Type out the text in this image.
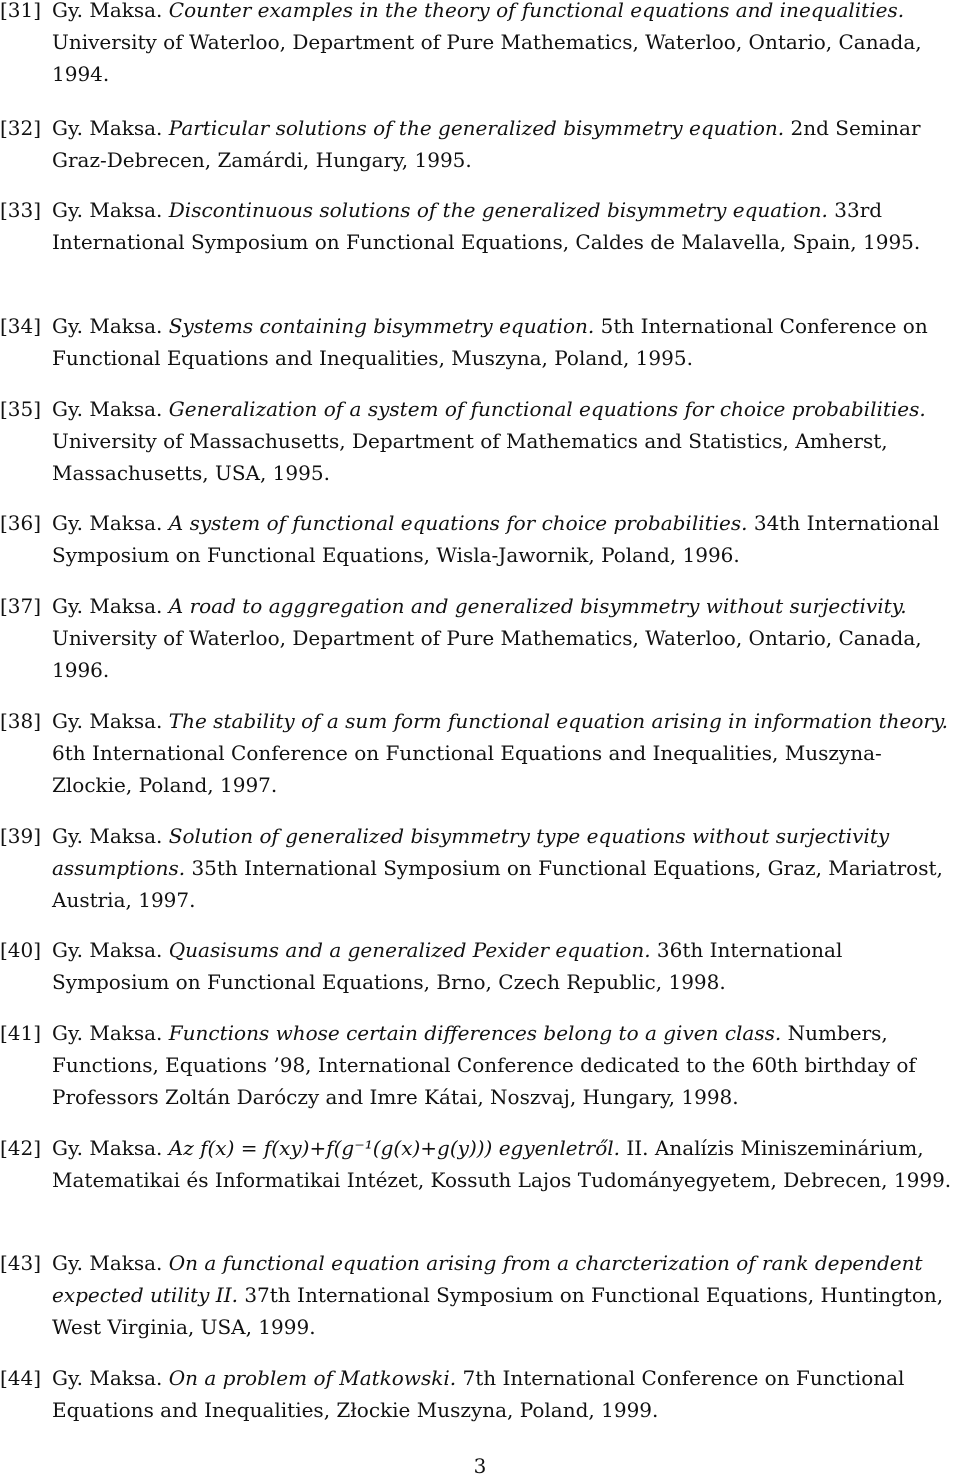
[31] Gy. Maksa. Counter examples in the theory of functional equations and inequalities. University of Waterloo, Department of Pure Mathematics, Waterloo, Ontario, Canada, 1994.
[32] Gy. Maksa. Particular solutions of the generalized bisymmetry equation. 2nd Seminar Graz-Debrecen, Zamárdi, Hungary, 1995.
[33] Gy. Maksa. Discontinuous solutions of the generalized bisymmetry equation. 33rd International Symposium on Functional Equations, Caldes de Malavella, Spain, 1995.
[34] Gy. Maksa. Systems containing bisymmetry equation. 5th International Conference on Functional Equations and Inequalities, Muszyna, Poland, 1995.
[35] Gy. Maksa. Generalization of a system of functional equations for choice probabilities. University of Massachusetts, Department of Mathematics and Statistics, Amherst, Massachusetts, USA, 1995.
[36] Gy. Maksa. A system of functional equations for choice probabilities. 34th International Symposium on Functional Equations, Wisla-Jawornik, Poland, 1996.
[37] Gy. Maksa. A road to agggregation and generalized bisymmetry without surjectivity. University of Waterloo, Department of Pure Mathematics, Waterloo, Ontario, Canada, 1996.
[38] Gy. Maksa. The stability of a sum form functional equation arising in information theory. 6th International Conference on Functional Equations and Inequalities, Muszyna-Zlockie, Poland, 1997.
[39] Gy. Maksa. Solution of generalized bisymmetry type equations without surjectivity assumptions. 35th International Symposium on Functional Equations, Graz, Mariatrost, Austria, 1997.
[40] Gy. Maksa. Quasisums and a generalized Pexider equation. 36th International Symposium on Functional Equations, Brno, Czech Republic, 1998.
[41] Gy. Maksa. Functions whose certain differences belong to a given class. Numbers, Functions, Equations ’98, International Conference dedicated to the 60th birthday of Professors Zoltán Daróczy and Imre Kátai, Noszvaj, Hungary, 1998.
[42] Gy. Maksa. Az f(x) = f(xy)+f(g⁻¹(g(x)+g(y))) egyenletről. II. Analízis Miniszeminárium, Matematikai és Informatikai Intézet, Kossuth Lajos Tudományegyetem, Debrecen, 1999.
[43] Gy. Maksa. On a functional equation arising from a charcterization of rank dependent expected utility II. 37th International Symposium on Functional Equations, Huntington, West Virginia, USA, 1999.
[44] Gy. Maksa. On a problem of Matkowski. 7th International Conference on Functional Equations and Inequalities, Złockie Muszyna, Poland, 1999.
3
